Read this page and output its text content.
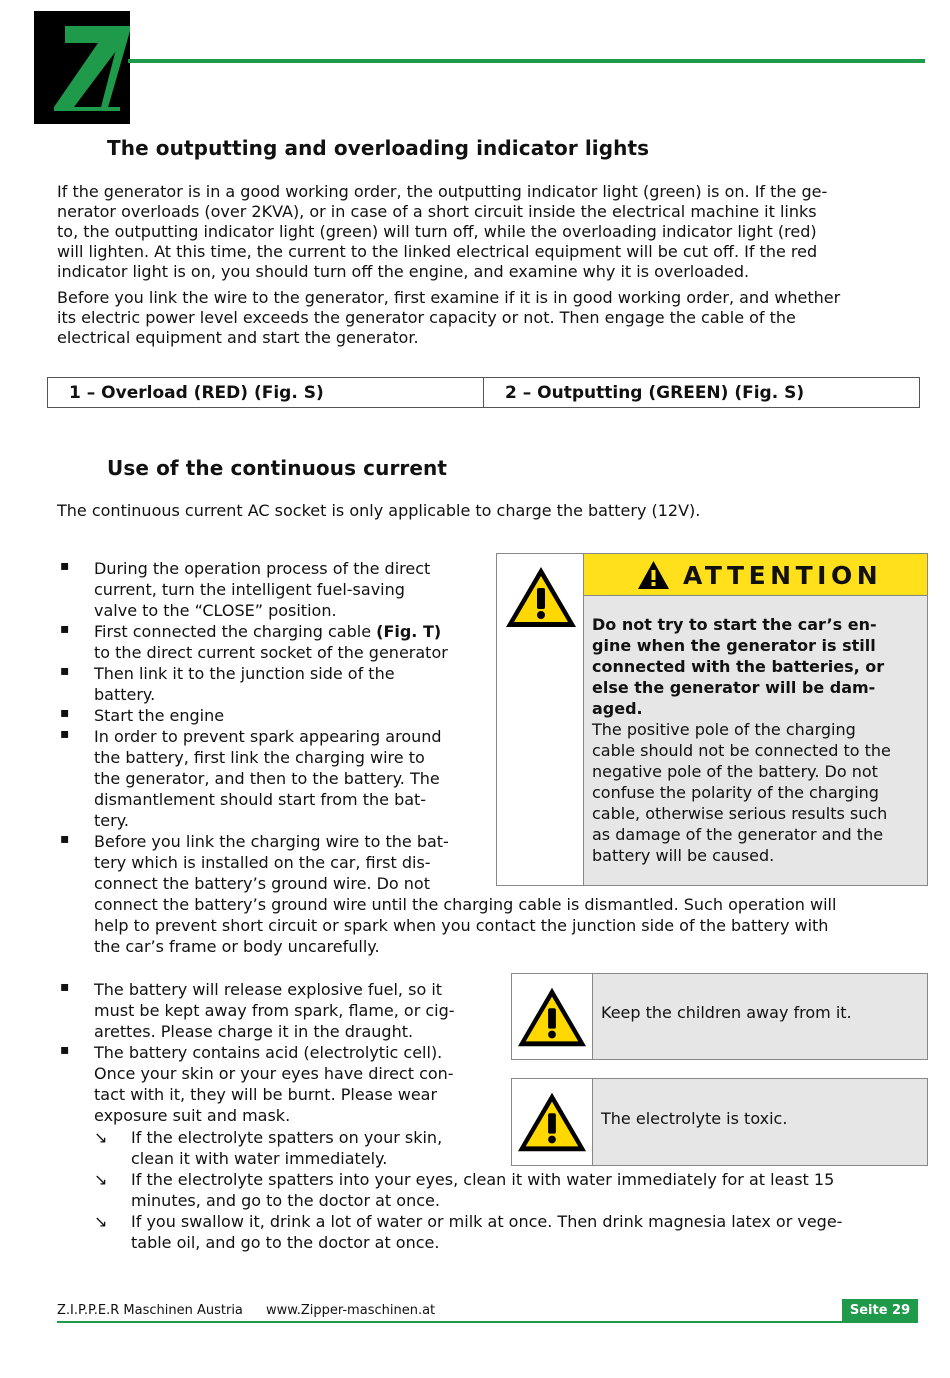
The outputting and overloading indicator lights

If the generator is in a good working order, the outputting indicator light (green) is on. If the ge-
nerator overloads (over 2KVA), or in case of a short circuit inside the electrical machine it links
to, the outputting indicator light (green) will turn off, while the overloading indicator light (red)
will lighten. At this time, the current to the linked electrical equipment will be cut off. If the red
indicator light is on, you should turn off the engine, and examine why it is overloaded.

Before you link the wire to the generator, first examine if it is in good working order, and whether
its electric power level exceeds the generator capacity or not. Then engage the cable of the
electrical equipment and start the generator.

1 – Overload (RED) (Fig. S)	2 – Outputting (GREEN) (Fig. S)
Use of the continuous current

The continuous current AC socket is only applicable to charge the battery (12V).

▪ During the operation process of the direct
current, turn the intelligent fuel-saving
valve to the “CLOSE” position.
▪ First connected the charging cable (Fig. T)
to the direct current socket of the generator
▪ Then link it to the junction side of the
battery.
▪ Start the engine
▪ In order to prevent spark appearing around
the battery, first link the charging wire to
the generator, and then to the battery. The
dismantlement should start from the bat-
tery.
▪ Before you link the charging wire to the bat-
tery which is installed on the car, first dis-
connect the battery’s ground wire. Do not
connect the battery’s ground wire until the charging cable is dismantled. Such operation will
help to prevent short circuit or spark when you contact the junction side of the battery with
the car’s frame or body uncarefully.
ATTENTION
Do not try to start the car’s en-
gine when the generator is still
connected with the batteries, or
else the generator will be dam-
aged.
The positive pole of the charging
cable should not be connected to the
negative pole of the battery. Do not
confuse the polarity of the charging
cable, otherwise serious results such
as damage of the generator and the
battery will be caused.
▪ The battery will release explosive fuel, so it
must be kept away from spark, flame, or cig-
arettes. Please charge it in the draught.
▪ The battery contains acid (electrolytic cell).
Once your skin or your eyes have direct con-
tact with it, they will be burnt. Please wear
exposure suit and mask.
↘ If the electrolyte spatters on your skin,
clean it with water immediately.
↘ If the electrolyte spatters into your eyes, clean it with water immediately for at least 15
minutes, and go to the doctor at once.
↘ If you swallow it, drink a lot of water or milk at once. Then drink magnesia latex or vege-
table oil, and go to the doctor at once.
Keep the children away from it.
The electrolyte is toxic.
Z.I.P.P.E.R Maschinen Austria www.Zipper-maschinen.at	Seite 29
